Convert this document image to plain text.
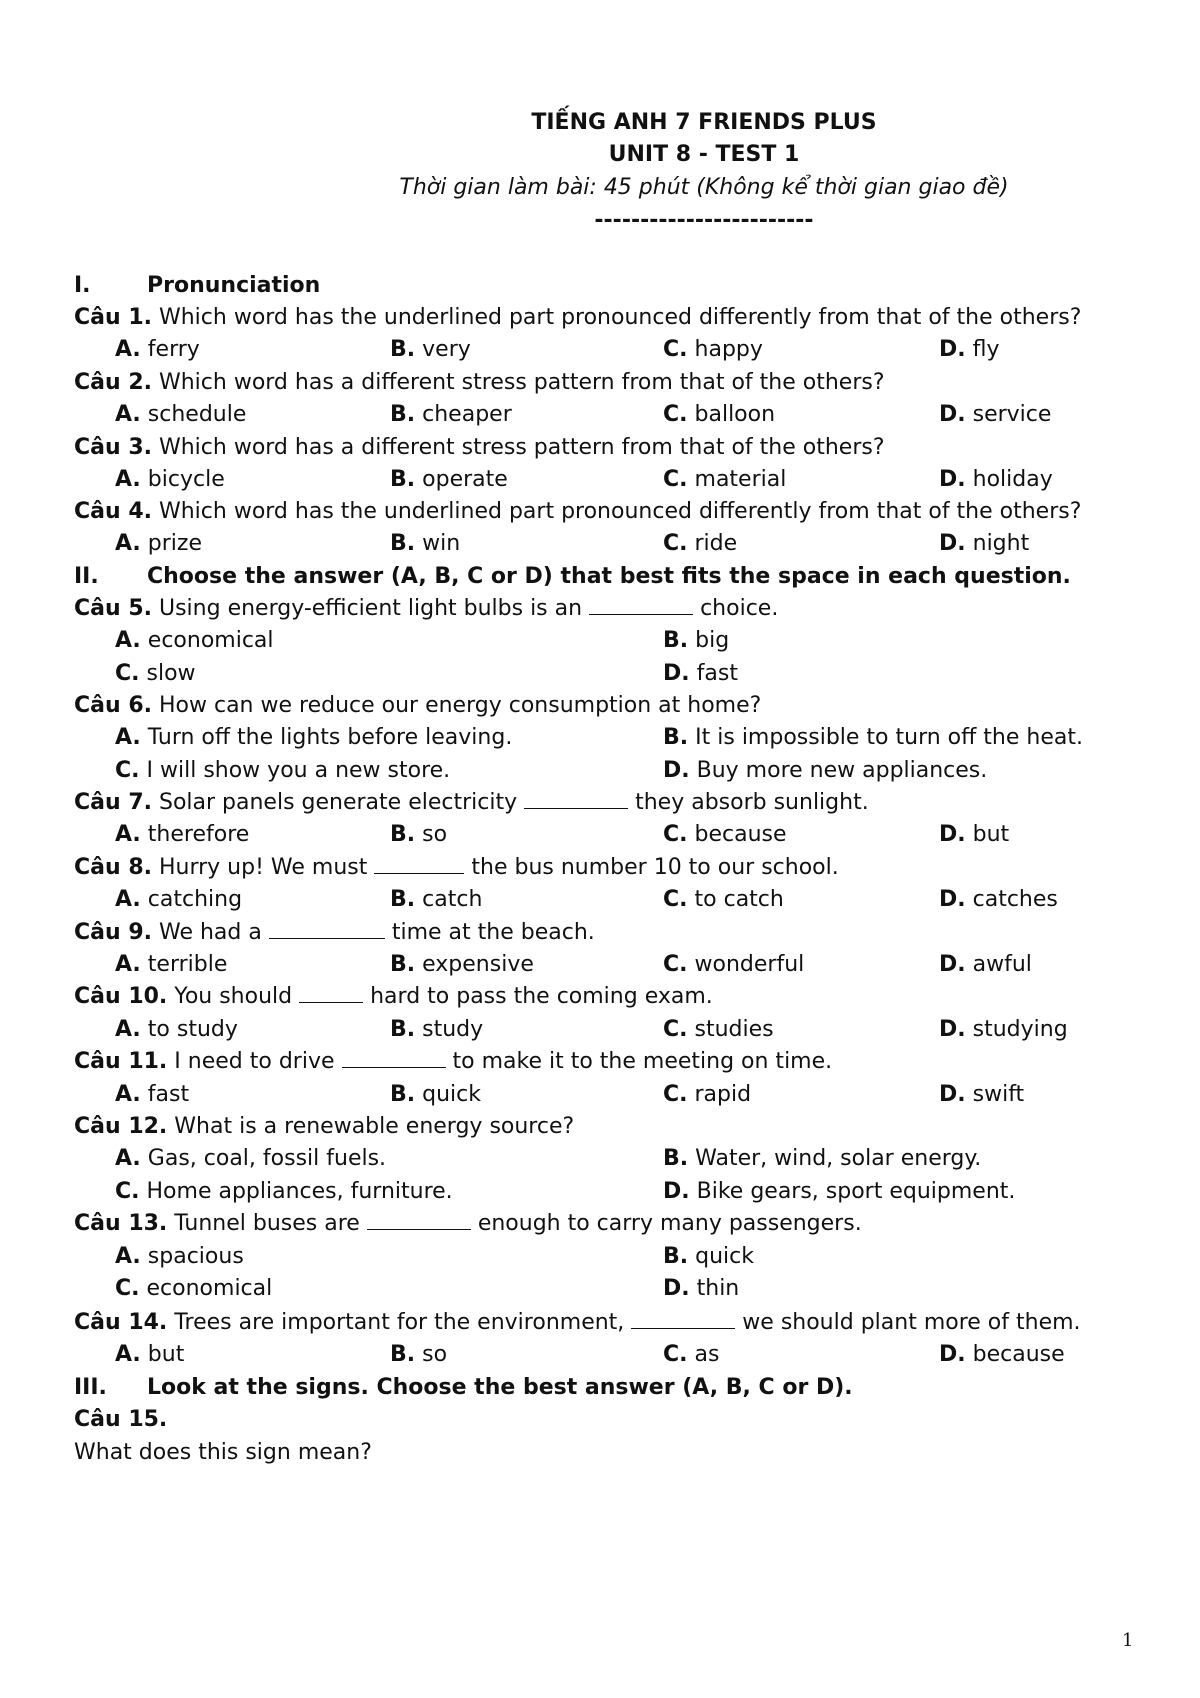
TIẾNG ANH 7 FRIENDS PLUS
UNIT 8 - TEST 1
Thời gian làm bài: 45 phút (Không kể thời gian giao đề)
------------------------
I.	Pronunciation
Câu 1. Which word has the underlined part pronounced differently from that of the others?
A. ferry	B. very	C. happy	D. fly
Câu 2. Which word has a different stress pattern from that of the others?
A. schedule	B. cheaper	C. balloon	D. service
Câu 3. Which word has a different stress pattern from that of the others?
A. bicycle	B. operate	C. material	D. holiday
Câu 4. Which word has the underlined part pronounced differently from that of the others?
A. prize	B. win	C. ride	D. night
II. Choose the answer (A, B, C or D) that best fits the space in each question.
Câu 5. Using energy-efficient light bulbs is an	choice.
A. economical	B. big
C. slow	D. fast
Câu 6. How can we reduce our energy consumption at home?
A. Turn off the lights before leaving.	B. It is impossible to turn off the heat.
C. I will show you a new store.	D. Buy more new appliances.
Câu 7. Solar panels generate electricity	they absorb sunlight.
A. therefore	B. so	C. because	D. but
Câu 8. Hurry up! We must	the bus number 10 to our school.
A. catching	B. catch	C. to catch	D. catches
Câu 9. We had a	time at the beach.
A. terrible	B. expensive	C. wonderful	D. awful
Câu 10. You should	hard to pass the coming exam.
A. to study	B. study	C. studies	D. studying
Câu 11. I need to drive	to make it to the meeting on time.
A. fast	B. quick	C. rapid	D. swift
Câu 12. What is a renewable energy source?
A. Gas, coal, fossil fuels.	B. Water, wind, solar energy.
C. Home appliances, furniture.	D. Bike gears, sport equipment.
Câu 13. Tunnel buses are	enough to carry many passengers.
A. spacious	B. quick
C. economical	D. thin
Câu 14. Trees are important for the environment,	we should plant more of them.
A. but	B. so	C. as	D. because
III. Look at the signs. Choose the best answer (A, B, C or D).
Câu 15.
What does this sign mean?
1
